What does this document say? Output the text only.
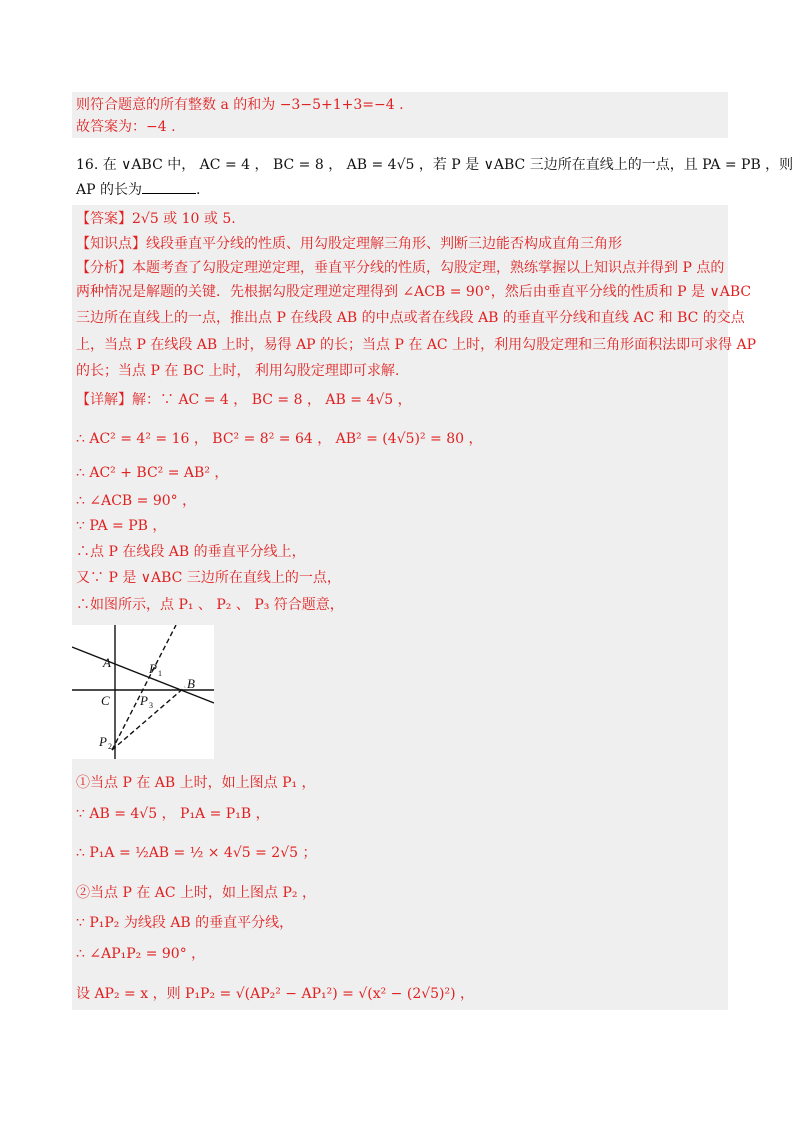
则符合题意的所有整数 a 的和为 −3−5+1+3=−4 .
故答案为：−4 .
16. 在 ∨ABC 中， AC = 4 ， BC = 8 ， AB = 4√5 ，若 P 是 ∨ABC 三边所在直线上的一点，且 PA = PB ，则
AP 的长为	.
【答案】2√5 或 10 或 5.
【知识点】线段垂直平分线的性质、用勾股定理解三角形、判断三边能否构成直角三角形
【分析】本题考查了勾股定理逆定理，垂直平分线的性质，勾股定理，熟练掌握以上知识点并得到 P 点的
两种情况是解题的关键．先根据勾股定理逆定理得到 ∠ACB = 90°，然后由垂直平分线的性质和 P 是 ∨ABC
三边所在直线上的一点，推出点 P 在线段 AB 的中点或者在线段 AB 的垂直平分线和直线 AC 和 BC 的交点
上，当点 P 在线段 AB 上时，易得 AP 的长；当点 P 在 AC 上时，利用勾股定理和三角形面积法即可求得 AP
的长；当点 P 在 BC 上时， 利用勾股定理即可求解.
【详解】解：∵ AC = 4 ， BC = 8 ， AB = 4√5 ，
∴ AC² = 4² = 16 ， BC² = 8² = 64 ， AB² = (4√5)² = 80 ，
∴ AC² + BC² = AB² ，
∴ ∠ACB = 90° ，
∵ PA = PB ，
∴点 P 在线段 AB 的垂直平分线上，
又∵ P 是 ∨ABC 三边所在直线上的一点，
∴如图所示，点 P₁ 、 P₂ 、 P₃ 符合题意，
A
B
C
P 1
P 3
P 2
①当点 P 在 AB 上时，如上图点 P₁ ，
∵ AB = 4√5 ， P₁A = P₁B ，
∴ P₁A = ½AB = ½ × 4√5 = 2√5 ；
②当点 P 在 AC 上时，如上图点 P₂ ，
∵ P₁P₂ 为线段 AB 的垂直平分线，
∴ ∠AP₁P₂ = 90° ，
设 AP₂ = x ，则 P₁P₂ = √(AP₂² − AP₁²) = √(x² − (2√5)²) ，
